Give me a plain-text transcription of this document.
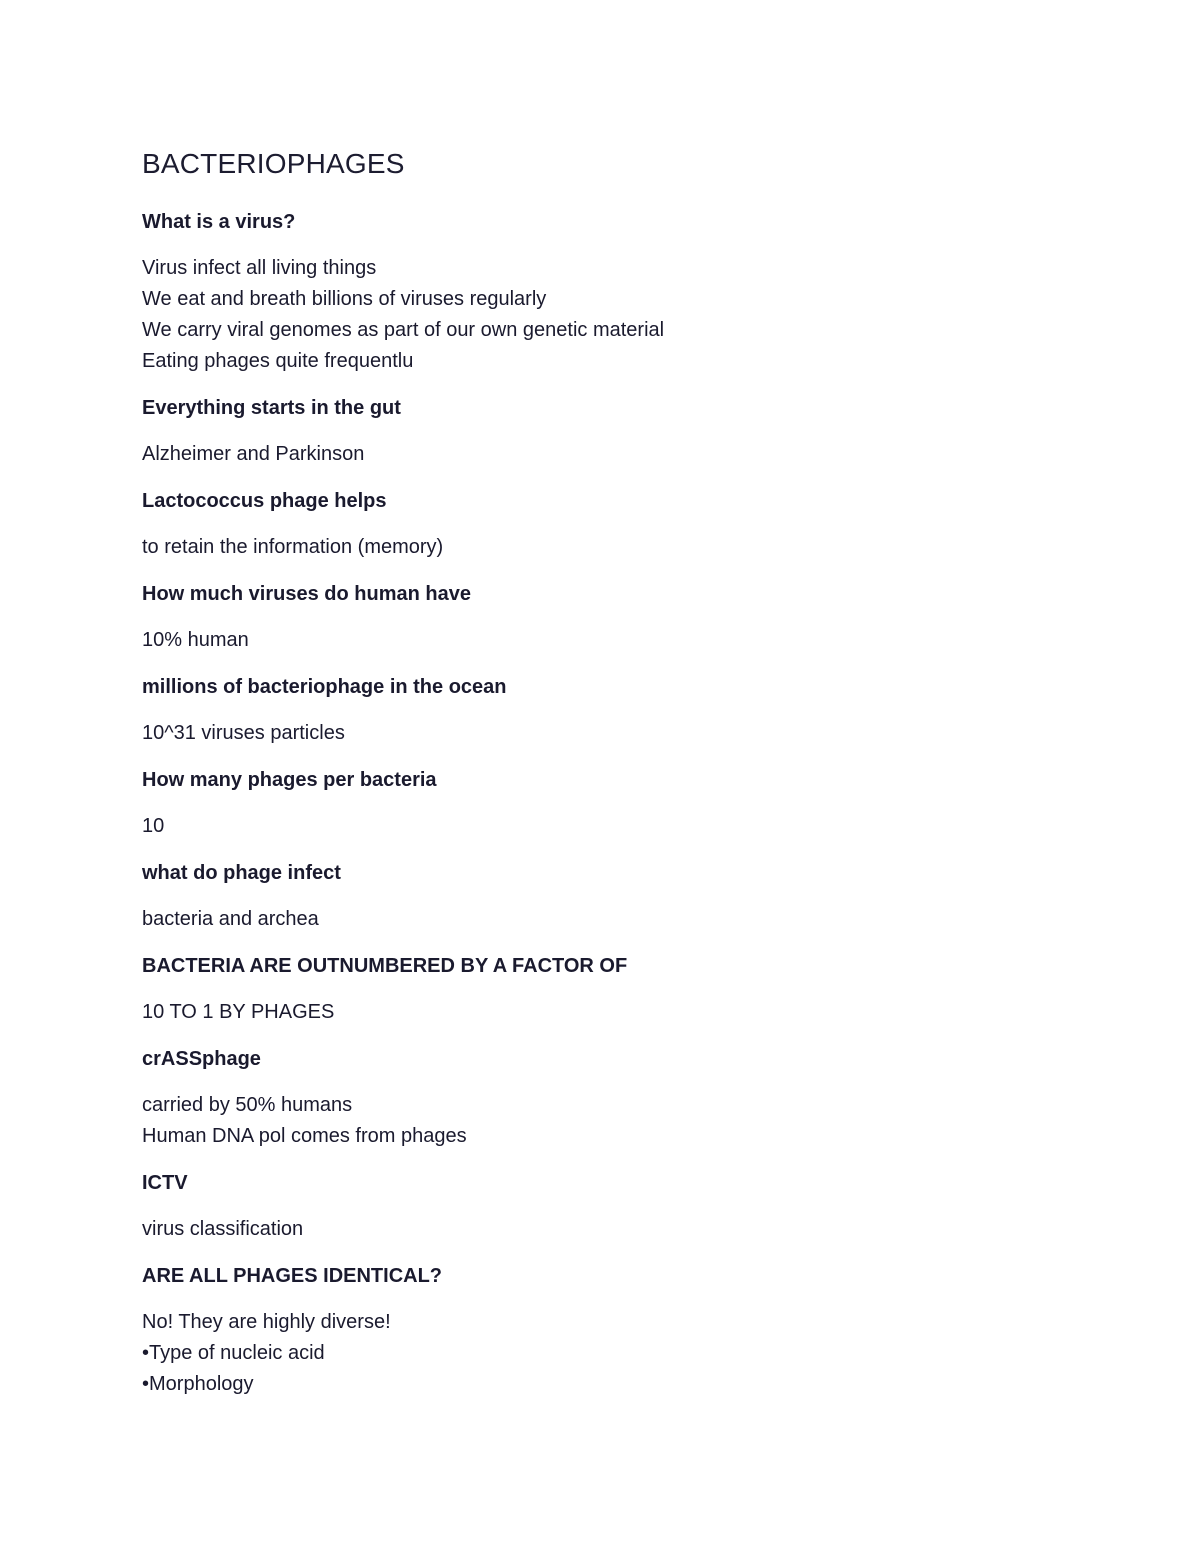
BACTERIOPHAGES
What is a virus?
Virus infect all living things
We eat and breath billions of viruses regularly
We carry viral genomes as part of our own genetic material
Eating phages quite frequentlu
Everything starts in the gut
Alzheimer and Parkinson
Lactococcus phage helps
to retain the information (memory)
How much viruses do human have
10% human
millions of bacteriophage in the ocean
10^31 viruses particles
How many phages per bacteria
10
what do phage infect
bacteria and archea
BACTERIA ARE OUTNUMBERED BY A FACTOR OF
10 TO 1 BY PHAGES
crASSphage
carried by 50% humans
Human DNA pol comes from phages
ICTV
virus classification
ARE ALL PHAGES IDENTICAL?
No! They are highly diverse!
•Type of nucleic acid
•Morphology
